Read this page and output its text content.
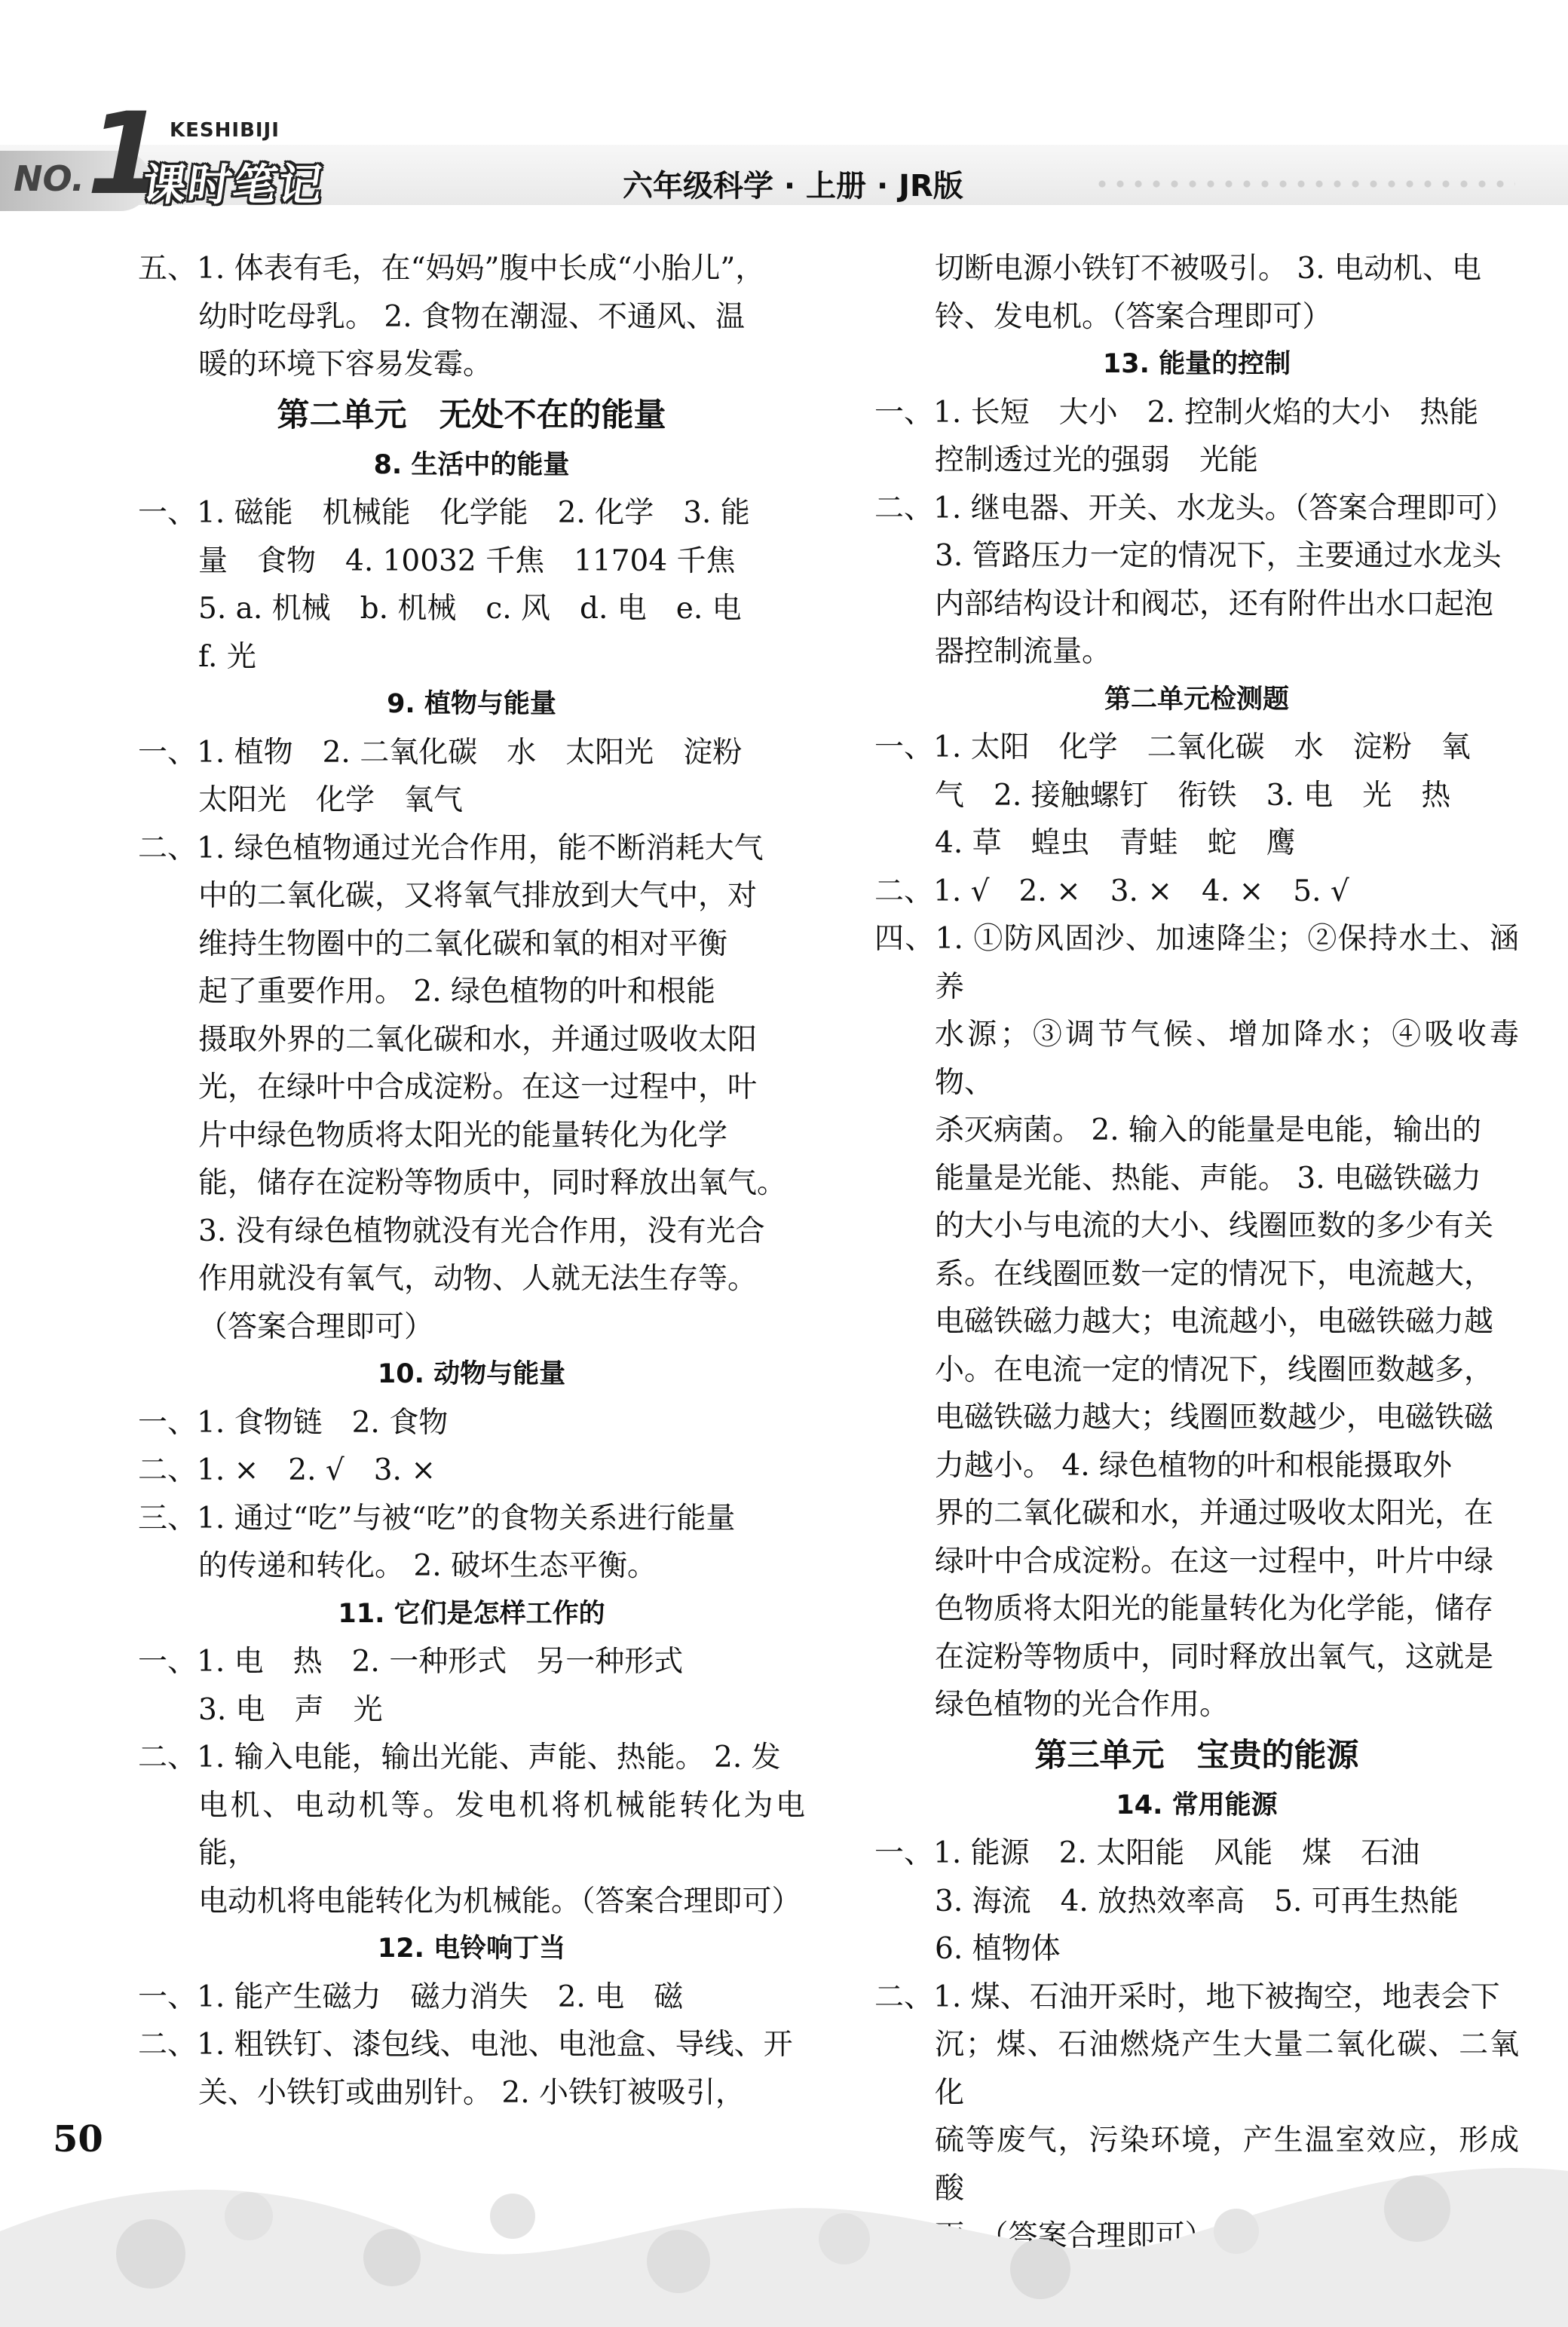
NO. 1 KESHIBIJI
课时笔记	六年级科学 · 上册 · JR版

五、1. 体表有毛，在“妈妈”腹中长成“小胎儿”，

幼时吃母乳。 2. 食物在潮湿、不通风、温

暖的环境下容易发霉。

第二单元　无处不在的能量
8. 生活中的能量

一、1. 磁能　机械能　化学能　2. 化学　3. 能

量　食物　4. 10032 千焦　11704 千焦

5. a. 机械　b. 机械　c. 风　d. 电　e. 电

f. 光

9. 植物与能量

一、1. 植物　2. 二氧化碳　水　太阳光　淀粉

太阳光　化学　氧气

二、1. 绿色植物通过光合作用，能不断消耗大气

中的二氧化碳，又将氧气排放到大气中，对

维持生物圈中的二氧化碳和氧的相对平衡

起了重要作用。 2. 绿色植物的叶和根能

摄取外界的二氧化碳和水，并通过吸收太阳

光，在绿叶中合成淀粉。在这一过程中，叶

片中绿色物质将太阳光的能量转化为化学

能，储存在淀粉等物质中，同时释放出氧气。

3. 没有绿色植物就没有光合作用，没有光合

作用就没有氧气，动物、人就无法生存等。

（答案合理即可）

10. 动物与能量

一、1. 食物链　2. 食物

二、1. ×　2. √　3. ×

三、1. 通过“吃”与被“吃”的食物关系进行能量

的传递和转化。 2. 破坏生态平衡。

11. 它们是怎样工作的

一、1. 电　热　2. 一种形式　另一种形式

3. 电　声　光

二、1. 输入电能，输出光能、声能、热能。 2. 发

电机、电动机等。发电机将机械能转化为电能，

电动机将电能转化为机械能。（答案合理即可）

12. 电铃响丁当

一、1. 能产生磁力　磁力消失　2. 电　磁

二、1. 粗铁钉、漆包线、电池、电池盒、导线、开

关、小铁钉或曲别针。 2. 小铁钉被吸引，

切断电源小铁钉不被吸引。 3. 电动机、电

铃、发电机。（答案合理即可）

13. 能量的控制

一、1. 长短　大小　2. 控制火焰的大小　热能

控制透过光的强弱　光能

二、1. 继电器、开关、水龙头。（答案合理即可）

3. 管路压力一定的情况下，主要通过水龙头

内部结构设计和阀芯，还有附件出水口起泡

器控制流量。

第二单元检测题

一、1. 太阳　化学　二氧化碳　水　淀粉　氧

气　2. 接触螺钉　衔铁　3. 电　光　热

4. 草　蝗虫　青蛙　蛇　鹰

二、1. √　2. ×　3. ×　4. ×　5. √

四、1. ①防风固沙、加速降尘；②保持水土、涵养

水源；③调节气候、增加降水；④吸收毒物、

杀灭病菌。 2. 输入的能量是电能，输出的

能量是光能、热能、声能。 3. 电磁铁磁力

的大小与电流的大小、线圈匝数的多少有关

系。在线圈匝数一定的情况下，电流越大，

电磁铁磁力越大；电流越小，电磁铁磁力越

小。在电流一定的情况下，线圈匝数越多，

电磁铁磁力越大；线圈匝数越少，电磁铁磁

力越小。 4. 绿色植物的叶和根能摄取外

界的二氧化碳和水，并通过吸收太阳光，在

绿叶中合成淀粉。在这一过程中，叶片中绿

色物质将太阳光的能量转化为化学能，储存

在淀粉等物质中，同时释放出氧气，这就是

绿色植物的光合作用。

第三单元　宝贵的能源
14. 常用能源

一、1. 能源　2. 太阳能　风能　煤　石油

3. 海流　4. 放热效率高　5. 可再生热能

6. 植物体

二、1. 煤、石油开采时，地下被掏空，地表会下

沉；煤、石油燃烧产生大量二氧化碳、二氧化

硫等废气，污染环境，产生温室效应，形成酸

雨。（答案合理即可）

50
